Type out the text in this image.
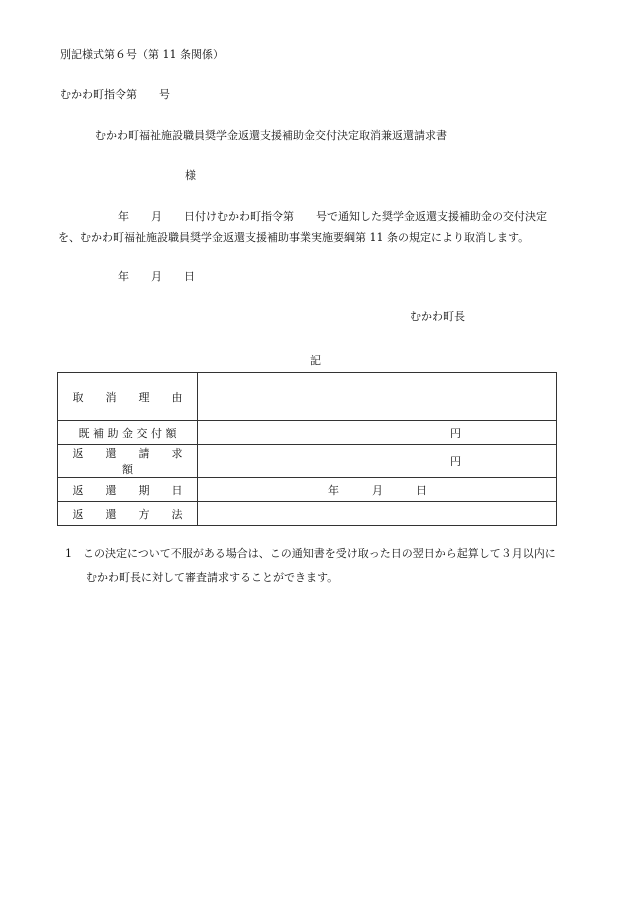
別記様式第６号（第 11 条関係）
むかわ町指令第　　号
むかわ町福祉施設職員奨学金返還支援補助金交付決定取消兼返還請求書
様
年　　月　　日付けむかわ町指令第　　号で通知した奨学金返還支援補助金の交付決定
を、むかわ町福祉施設職員奨学金返還支援補助事業実施要綱第 11 条の規定により取消します。
年　　月　　日
むかわ町長
記
取　　消　　理　　由	

既 補 助 金 交 付 額	円

返　　還　　請　　求　　額	円

返　　還　　期　　日	年 月 日

返　　還　　方　　法	
1　この決定について不服がある場合は、この通知書を受け取った日の翌日から起算して３月以内に
むかわ町長に対して審査請求することができます。
